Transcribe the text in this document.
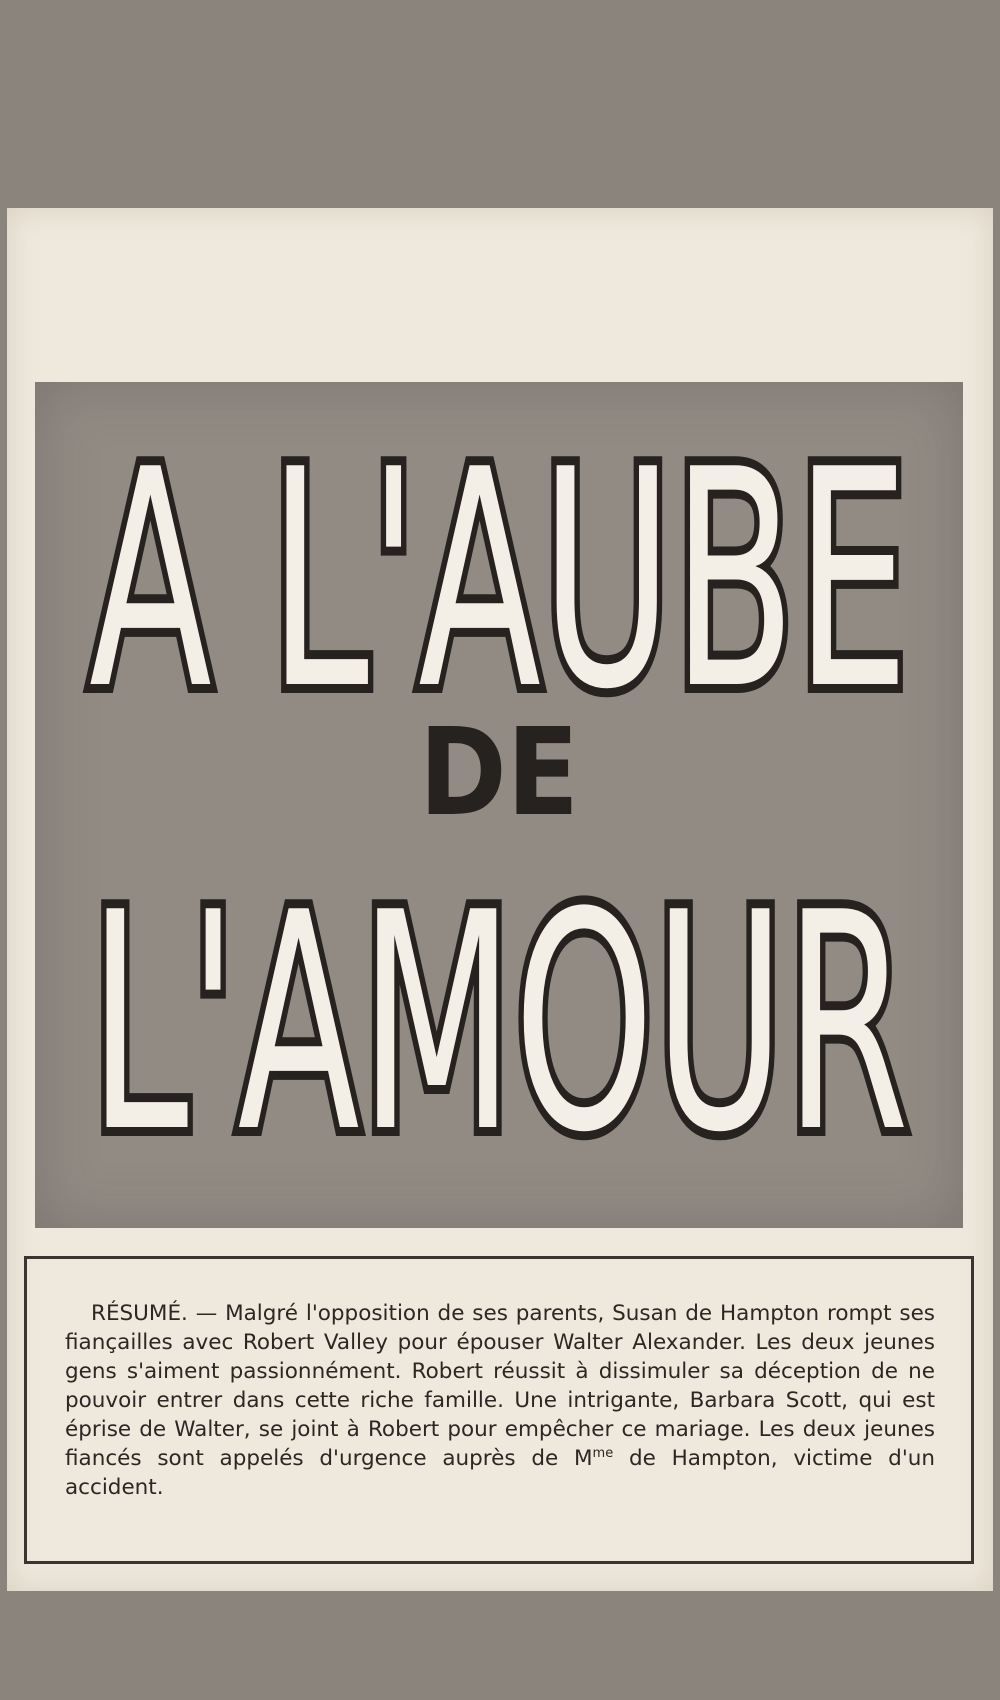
A L'AUBE
DE
L'AMOUR

RÉSUMÉ. — Malgré l'opposition de ses parents, Susan de Hampton rompt ses fiançailles avec Robert Valley pour épouser Walter Alexander. Les deux jeunes gens s'aiment passionnément. Robert réussit à dissimuler sa déception de ne pouvoir entrer dans cette riche famille. Une intrigante, Barbara Scott, qui est éprise de Walter, se joint à Robert pour empêcher ce mariage. Les deux jeunes fiancés sont appelés d'urgence auprès de $M^{me}$ de Hampton, victime d'un accident.
